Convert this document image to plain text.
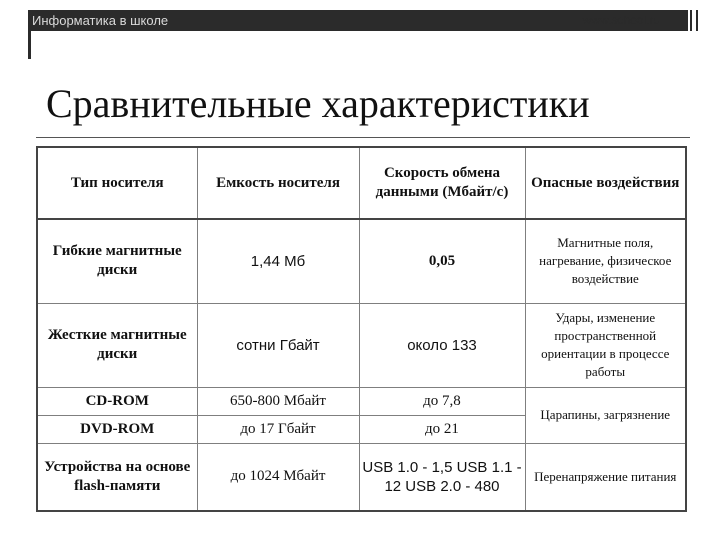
Информатика в школе	www.school.ru
Сравнительные характеристики
Тип носителя	Емкость носителя	Скорость обмена данными (Мбайт/с)	Опасные воздействия
Гибкие магнитные диски	1,44 Мб	0,05	Магнитные поля, нагревание, физическое воздействие
Жесткие магнитные диски	сотни Гбайт	около 133	Удары, изменение пространственной ориентации в процессе работы
CD-ROM	650-800 Мбайт	до 7,8	Царапины, загрязнение
DVD-ROM	до 17 Гбайт	до 21	
Устройства на основе flash-памяти	до 1024 Мбайт	USB 1.0 - 1,5 USB 1.1 - 12 USB 2.0 - 480	Перенапряжение питания
